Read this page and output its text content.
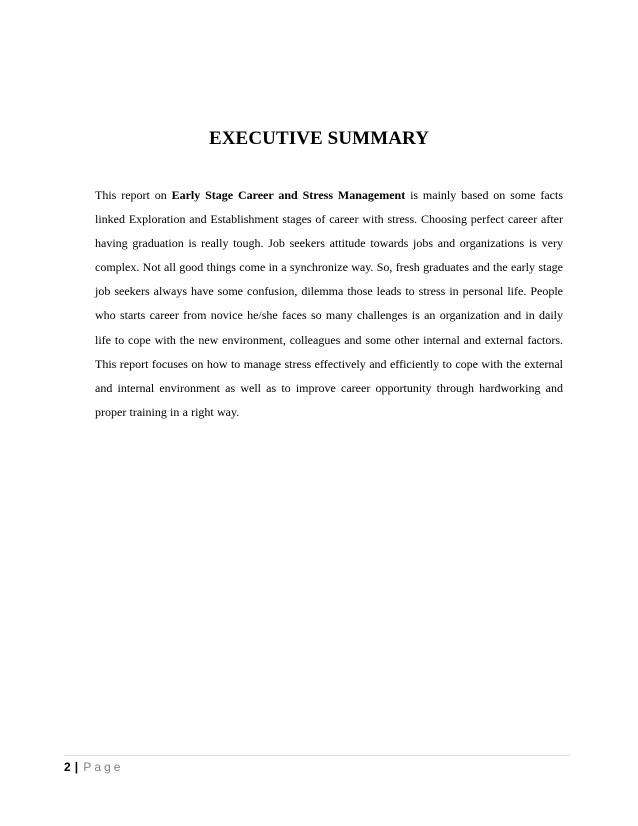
EXECUTIVE SUMMARY

This report on Early Stage Career and Stress Management is mainly based on some facts linked Exploration and Establishment stages of career with stress. Choosing perfect career after having graduation is really tough. Job seekers attitude towards jobs and organizations is very complex. Not all good things come in a synchronize way. So, fresh graduates and the early stage job seekers always have some confusion, dilemma those leads to stress in personal life. People who starts career from novice he/she faces so many challenges is an organization and in daily life to cope with the new environment, colleagues and some other internal and external factors. This report focuses on how to manage stress effectively and efficiently to cope with the external and internal environment as well as to improve career opportunity through hardworking and proper training in a right way.

2 | Page
